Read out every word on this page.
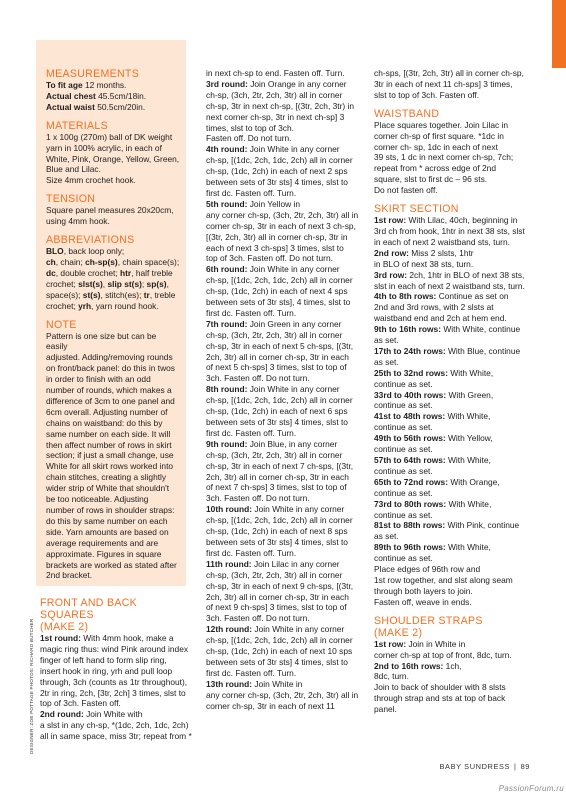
MEASUREMENTS
To fit age 12 months.
Actual chest 45.5cm/18in.
Actual waist 50.5cm/20in.
MATERIALS
1 x 100g (270m) ball of DK weight
yarn in 100% acrylic, in each of
White, Pink, Orange, Yellow, Green,
Blue and Lilac.
Size 4mm crochet hook.
TENSION
Square panel measures 20x20cm,
using 4mm hook.
ABBREVIATIONS
BLO, back loop only;
ch, chain; ch-sp(s), chain space(s);
dc, double crochet; htr, half treble
crochet; slst(s), slip st(s); sp(s),
space(s); st(s), stitch(es); tr, treble
crochet; yrh, yarn round hook.
NOTE
Pattern is one size but can be easily
adjusted. Adding/removing rounds
on front/back panel: do this in twos
in order to finish with an odd
number of rounds, which makes a
difference of 3cm to one panel and
6cm overall. Adjusting number of
chains on waistband: do this by
same number on each side. It will
then affect number of rows in skirt
section; if just a small change, use
White for all skirt rows worked into
chain stitches, creating a slightly
wider strip of White that shouldn't
be too noticeable. Adjusting
number of rows in shoulder straps:
do this by same number on each
side. Yarn amounts are based on
average requirements and are
approximate. Figures in square
brackets are worked as stated after
2nd bracket.
FRONT AND BACK SQUARES
(MAKE 2)
1st round: With 4mm hook, make a
magic ring thus: wind Pink around index
finger of left hand to form slip ring,
insert hook in ring, yrh and pull loop
through, 3ch (counts as 1tr throughout),
2tr in ring, 2ch, [3tr, 2ch] 3 times, slst to
top of 3ch. Fasten off.
2nd round: Join White with
a slst in any ch-sp, *(1dc, 2ch, 1dc, 2ch)
all in same space, miss 3tr; repeat from *
in next ch-sp to end. Fasten off. Turn.
3rd round: Join Orange in any corner
ch-sp, (3ch, 2tr, 2ch, 3tr) all in corner
ch-sp, 3tr in next ch-sp, [(3tr, 2ch, 3tr) in
next corner ch-sp, 3tr in next ch-sp] 3
times, slst to top of 3ch.
Fasten off. Do not turn.
4th round: Join White in any corner
ch-sp, [(1dc, 2ch, 1dc, 2ch) all in corner
ch-sp, (1dc, 2ch) in each of next 2 sps
between sets of 3tr sts] 4 times, slst to
first dc. Fasten off. Turn.
5th round: Join Yellow in
any corner ch-sp, (3ch, 2tr, 2ch, 3tr) all in
corner ch-sp, 3tr in each of next 3 ch-sp,
[(3tr, 2ch, 3tr) all in corner ch-sp, 3tr in
each of next 3 ch-sps] 3 times, slst to
top of 3ch. Fasten off. Do not turn.
6th round: Join White in any corner
ch-sp, [(1dc, 2ch, 1dc, 2ch) all in corner
ch-sp, (1dc, 2ch) in each of next 4 sps
between sets of 3tr sts], 4 times, slst to
first dc. Fasten off. Turn.
7th round: Join Green in any corner
ch-sp, (3ch, 2tr, 2ch, 3tr) all in corner
ch-sp, 3tr in each of next 5 ch-sps, [(3tr,
2ch, 3tr) all in corner ch-sp, 3tr in each
of next 5 ch-sps] 3 times, slst to top of
3ch. Fasten off. Do not turn.
8th round: Join White in any corner
ch-sp, [(1dc, 2ch, 1dc, 2ch) all in corner
ch-sp, (1dc, 2ch) in each of next 6 sps
between sets of 3tr sts] 4 times, slst to
first dc. Fasten off. Turn.
9th round: Join Blue, in any corner
ch-sp, (3ch, 2tr, 2ch, 3tr) all in corner
ch-sp, 3tr in each of next 7 ch-sps, [(3tr,
2ch, 3tr) all in corner ch-sp, 3tr in each
of next 7 ch-sps] 3 times, slst to top of
3ch. Fasten off. Do not turn.
10th round: Join White in any corner
ch-sp, [(1dc, 2ch, 1dc, 2ch) all in corner
ch-sp, (1dc, 2ch) in each of next 8 sps
between sets of 3tr sts] 4 times, slst to
first dc. Fasten off. Turn.
11th round: Join Lilac in any corner
ch-sp, (3ch, 2tr, 2ch, 3tr) all in corner
ch-sp, 3tr in each of next 9 ch-sps, [(3tr,
2ch, 3tr) all in corner ch-sp, 3tr in each
of next 9 ch-sps] 3 times, slst to top of
3ch. Fasten off. Do not turn.
12th round: Join White in any corner
ch-sp, [(1dc, 2ch, 1dc, 2ch) all in corner
ch-sp, (1dc, 2ch) in each of next 10 sps
between sets of 3tr sts] 4 times, slst to
first dc. Fasten off. Turn.
13th round: Join White in
any corner ch-sp, (3ch, 2tr, 2ch, 3tr) all in
corner ch-sp, 3tr in each of next 11
ch-sps, [(3tr, 2ch, 3tr) all in corner ch-sp,
3tr in each of next 11 ch-sps] 3 times,
slst to top of 3ch. Fasten off.
WAISTBAND
Place squares together. Join Lilac in
corner ch-sp of first square. *1dc in
corner ch- sp, 1dc in each of next
39 sts, 1 dc in next corner ch-sp, 7ch;
repeat from * across edge of 2nd
square, slst to first dc – 96 sts.
Do not fasten off.
SKIRT SECTION
1st row: With Lilac, 40ch, beginning in
3rd ch from hook, 1htr in next 38 sts, slst
in each of next 2 waistband sts, turn.
2nd row: Miss 2 slsts, 1htr
in BLO of next 38 sts, turn.
3rd row: 2ch, 1htr in BLO of next 38 sts,
slst in each of next 2 waistband sts, turn.
4th to 8th rows: Continue as set on
2nd and 3rd rows, with 2 slsts at
waistband end and 2ch at hem end.
9th to 16th rows: With White, continue
as set.
17th to 24th rows: With Blue, continue
as set.
25th to 32nd rows: With White,
continue as set.
33rd to 40th rows: With Green,
continue as set.
41st to 48th rows: With White,
continue as set.
49th to 56th rows: With Yellow,
continue as set.
57th to 64th rows: With White,
continue as set.
65th to 72nd rows: With Orange,
continue as set.
73rd to 80th rows: With White,
continue as set.
81st to 88th rows: With Pink, continue
as set.
89th to 96th rows: With White,
continue as set.
Place edges of 96th row and
1st row together, and slst along seam
through both layers to join.
Fasten off, weave in ends.
SHOULDER STRAPS
(MAKE 2)
1st row: Join in White in
corner ch-sp at top of front, 8dc, turn.
2nd to 16th rows: 1ch,
8dc, turn.
Join to back of shoulder with 8 slsts
through strap and sts at top of back panel.
DESIGNER: ZOE POTTAGE PHOTOS: RICHARD BUTCHER
BABY SUNDRESS | 89
PassionForum.ru
